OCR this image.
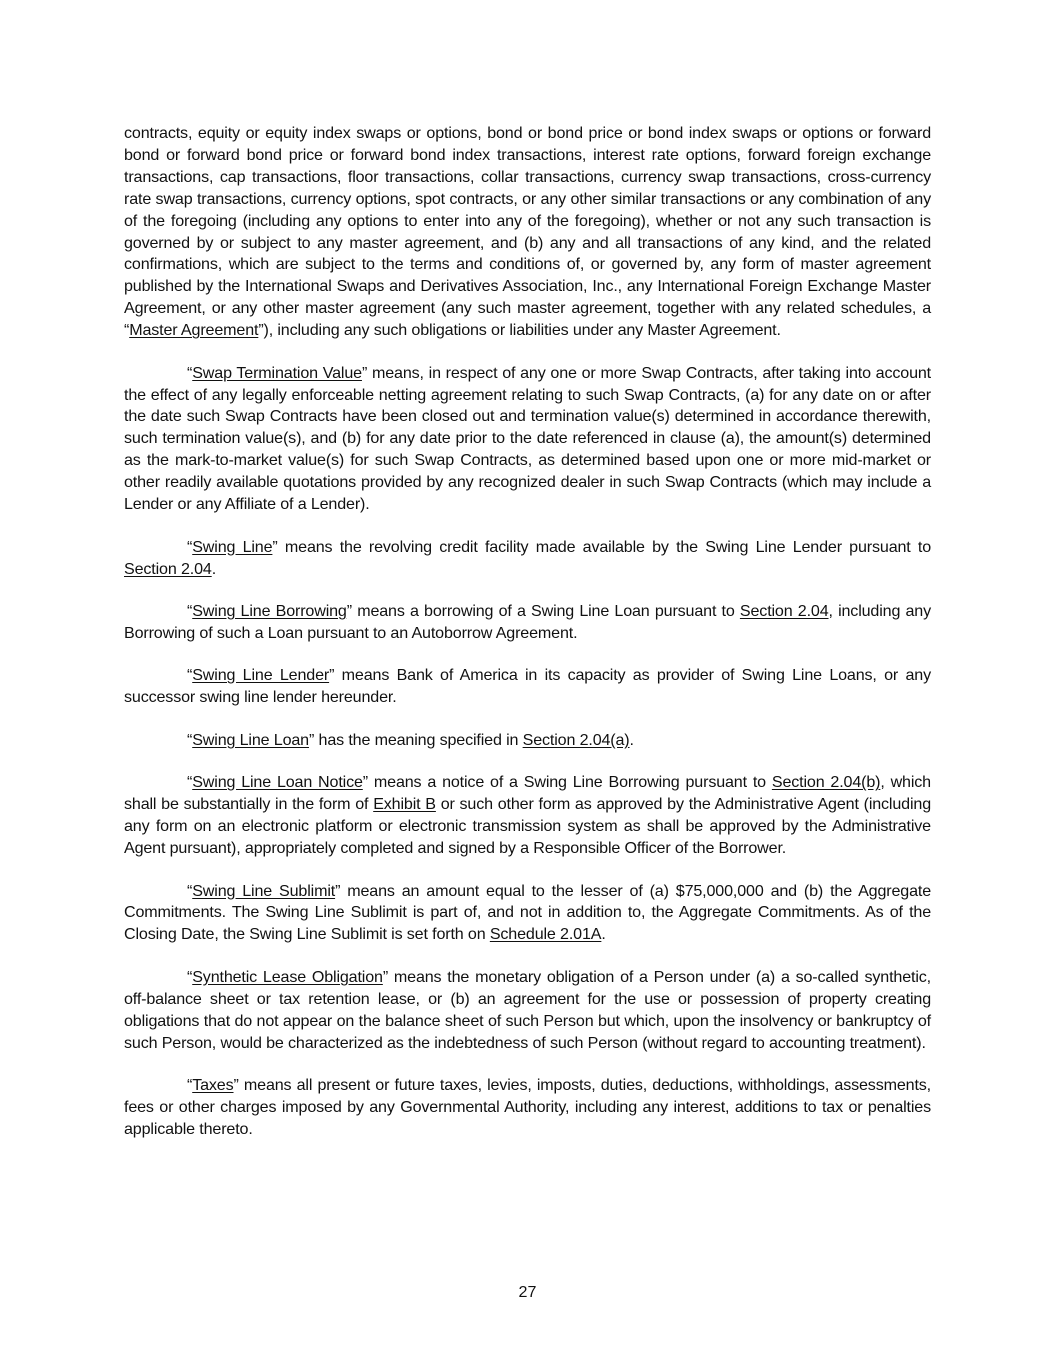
contracts, equity or equity index swaps or options, bond or bond price or bond index swaps or options or forward bond or forward bond price or forward bond index transactions, interest rate options, forward foreign exchange transactions, cap transactions, floor transactions, collar transactions, currency swap transactions, cross-currency rate swap transactions, currency options, spot contracts, or any other similar transactions or any combination of any of the foregoing (including any options to enter into any of the foregoing), whether or not any such transaction is governed by or subject to any master agreement, and (b) any and all transactions of any kind, and the related confirmations, which are subject to the terms and conditions of, or governed by, any form of master agreement published by the International Swaps and Derivatives Association, Inc., any International Foreign Exchange Master Agreement, or any other master agreement (any such master agreement, together with any related schedules, a “Master Agreement”), including any such obligations or liabilities under any Master Agreement.

“Swap Termination Value” means, in respect of any one or more Swap Contracts, after taking into account the effect of any legally enforceable netting agreement relating to such Swap Contracts, (a) for any date on or after the date such Swap Contracts have been closed out and termination value(s) determined in accordance therewith, such termination value(s), and (b) for any date prior to the date referenced in clause (a), the amount(s) determined as the mark-to-market value(s) for such Swap Contracts, as determined based upon one or more mid-market or other readily available quotations provided by any recognized dealer in such Swap Contracts (which may include a Lender or any Affiliate of a Lender).

“Swing Line” means the revolving credit facility made available by the Swing Line Lender pursuant to Section 2.04.

“Swing Line Borrowing” means a borrowing of a Swing Line Loan pursuant to Section 2.04, including any Borrowing of such a Loan pursuant to an Autoborrow Agreement.

“Swing Line Lender” means Bank of America in its capacity as provider of Swing Line Loans, or any successor swing line lender hereunder.

“Swing Line Loan” has the meaning specified in Section 2.04(a).

“Swing Line Loan Notice” means a notice of a Swing Line Borrowing pursuant to Section 2.04(b), which shall be substantially in the form of Exhibit B or such other form as approved by the Administrative Agent (including any form on an electronic platform or electronic transmission system as shall be approved by the Administrative Agent pursuant), appropriately completed and signed by a Responsible Officer of the Borrower.

“Swing Line Sublimit” means an amount equal to the lesser of (a) $75,000,000 and (b) the Aggregate Commitments. The Swing Line Sublimit is part of, and not in addition to, the Aggregate Commitments. As of the Closing Date, the Swing Line Sublimit is set forth on Schedule 2.01A.

“Synthetic Lease Obligation” means the monetary obligation of a Person under (a) a so-called synthetic, off-balance sheet or tax retention lease, or (b) an agreement for the use or possession of property creating obligations that do not appear on the balance sheet of such Person but which, upon the insolvency or bankruptcy of such Person, would be characterized as the indebtedness of such Person (without regard to accounting treatment).

“Taxes” means all present or future taxes, levies, imposts, duties, deductions, withholdings, assessments, fees or other charges imposed by any Governmental Authority, including any interest, additions to tax or penalties applicable thereto.

27
